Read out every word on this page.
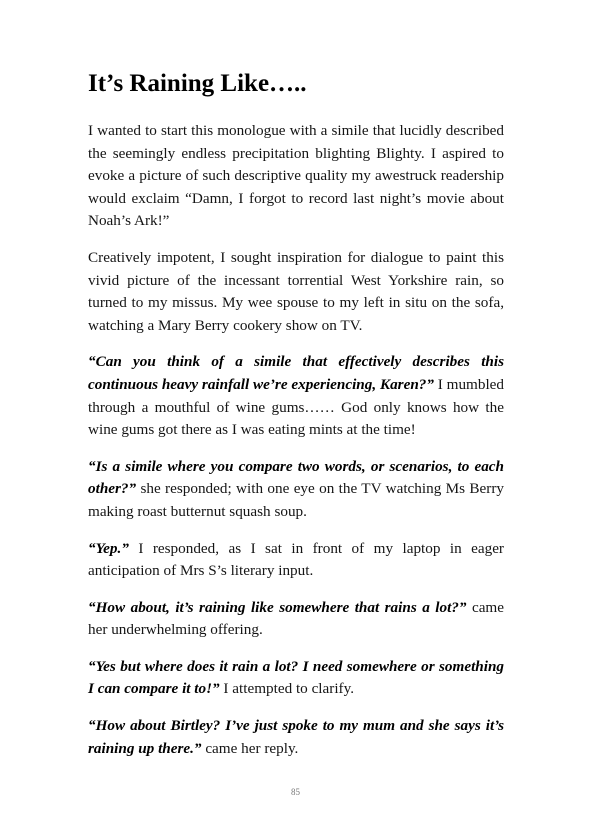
It’s Raining Like…..

I wanted to start this monologue with a simile that lucidly described the seemingly endless precipitation blighting Blighty. I aspired to evoke a picture of such descriptive quality my awestruck readership would exclaim “Damn, I forgot to record last night’s movie about Noah’s Ark!”

Creatively impotent, I sought inspiration for dialogue to paint this vivid picture of the incessant torrential West Yorkshire rain, so turned to my missus. My wee spouse to my left in situ on the sofa, watching a Mary Berry cookery show on TV.

“Can you think of a simile that effectively describes this continuous heavy rainfall we’re experiencing, Karen?” I mumbled through a mouthful of wine gums…… God only knows how the wine gums got there as I was eating mints at the time!

“Is a simile where you compare two words, or scenarios, to each other?” she responded; with one eye on the TV watching Ms Berry making roast butternut squash soup.

“Yep.” I responded, as I sat in front of my laptop in eager anticipation of Mrs S’s literary input.

“How about, it’s raining like somewhere that rains a lot?” came her underwhelming offering.

“Yes but where does it rain a lot? I need somewhere or something I can compare it to!” I attempted to clarify.

“How about Birtley? I’ve just spoke to my mum and she says it’s raining up there.” came her reply.

85
